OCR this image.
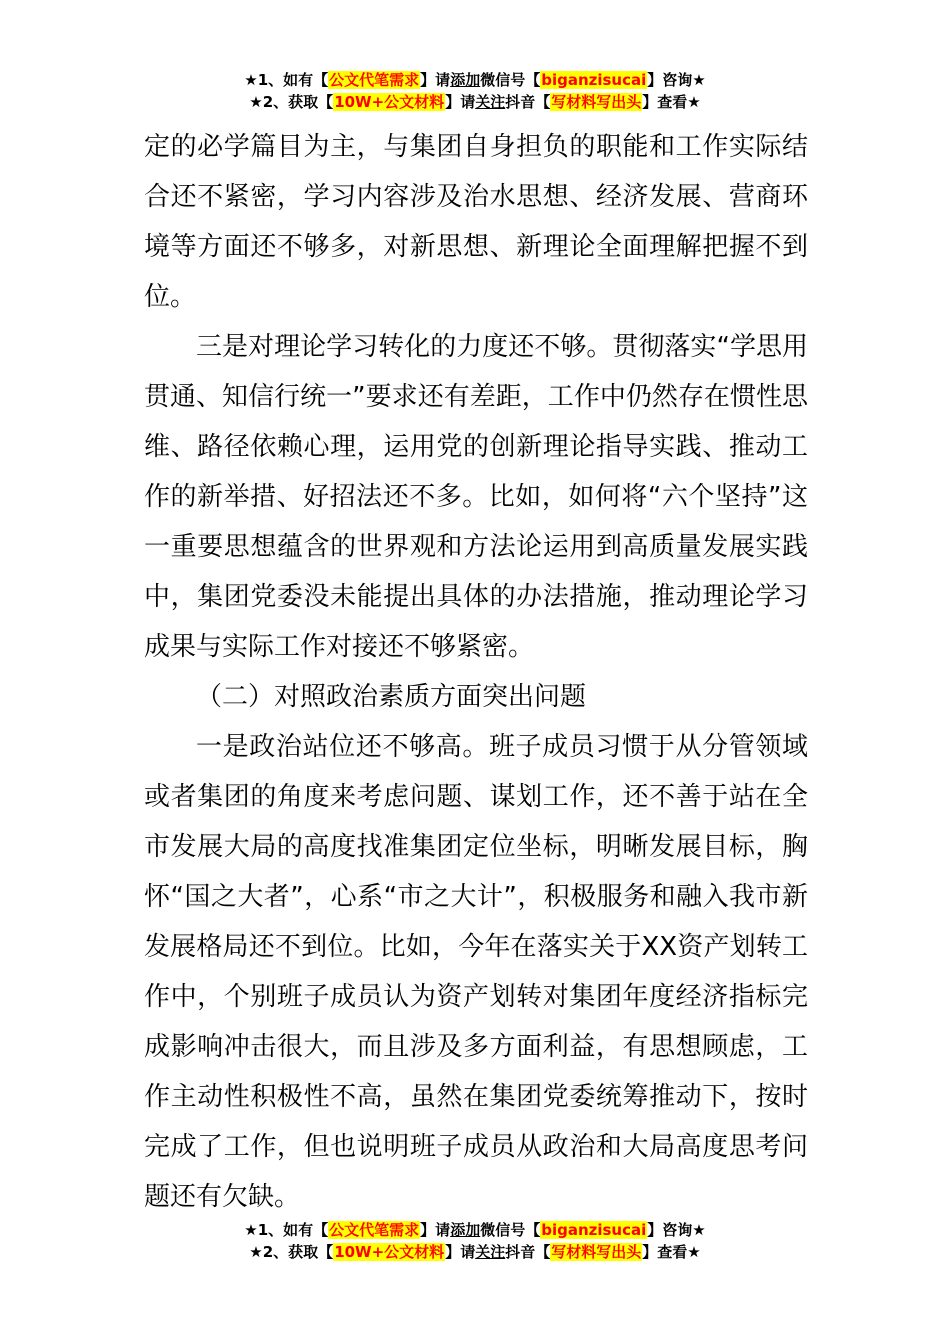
★1、如有【公文代笔需求】请添加微信号【biganzisucai】咨询★
★2、获取【10W+公文材料】请关注抖音【写材料写出头】查看★

定的必学篇目为主，与集团自身担负的职能和工作实际结合还不紧密，学习内容涉及治水思想、经济发展、营商环境等方面还不够多，对新思想、新理论全面理解把握不到位。

三是对理论学习转化的力度还不够。贯彻落实“学思用贯通、知信行统一”要求还有差距，工作中仍然存在惯性思维、路径依赖心理，运用党的创新理论指导实践、推动工作的新举措、好招法还不多。比如，如何将“六个坚持”这一重要思想蕴含的世界观和方法论运用到高质量发展实践中，集团党委没未能提出具体的办法措施，推动理论学习成果与实际工作对接还不够紧密。

（二）对照政治素质方面突出问题

一是政治站位还不够高。班子成员习惯于从分管领域或者集团的角度来考虑问题、谋划工作，还不善于站在全市发展大局的高度找准集团定位坐标，明晰发展目标，胸怀“国之大者”，心系“市之大计”，积极服务和融入我市新发展格局还不到位。比如，今年在落实关于XX资产划转工作中，个别班子成员认为资产划转对集团年度经济指标完成影响冲击很大，而且涉及多方面利益，有思想顾虑，工作主动性积极性不高，虽然在集团党委统筹推动下，按时完成了工作，但也说明班子成员从政治和大局高度思考问题还有欠缺。

★1、如有【公文代笔需求】请添加微信号【biganzisucai】咨询★
★2、获取【10W+公文材料】请关注抖音【写材料写出头】查看★
